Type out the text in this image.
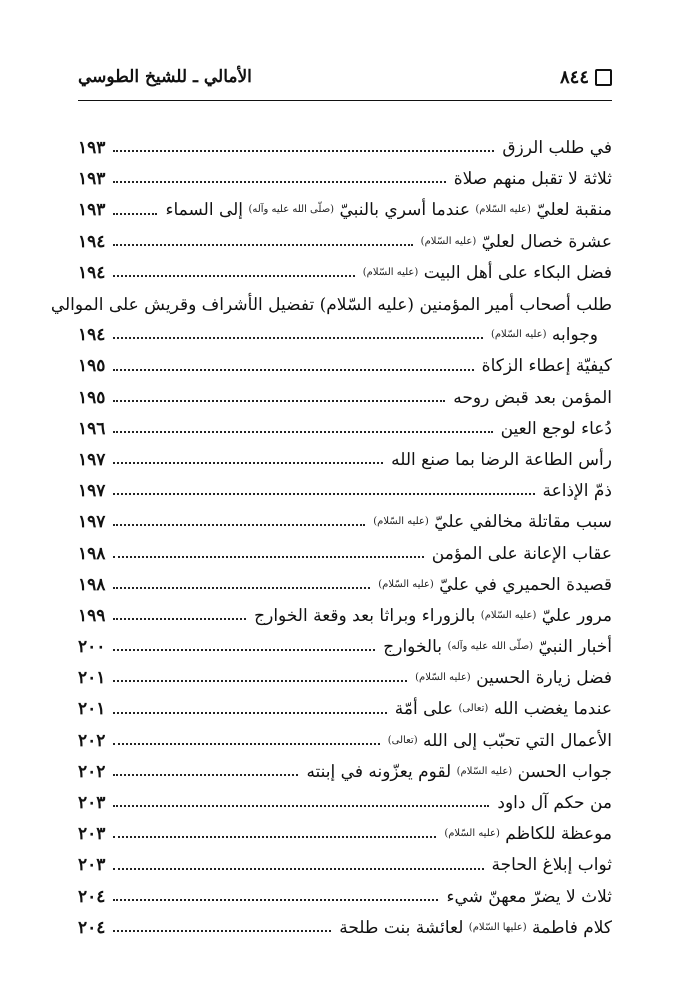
٨٤٤
الأمالي ـ للشيخ الطوسي
في طلب الرزق
١٩٣
ثلاثة لا تقبل منهم صلاة
١٩٣
منقبة لعليّ (عليه السّلام) عندما أسري بالنبيّ (صلّى الله عليه وآله) إلى السماء
١٩٣
عشرة خصال لعليّ (عليه السّلام)
١٩٤
فضل البكاء على أهل البيت (عليه السّلام)
١٩٤
طلب أصحاب أمير المؤمنين (عليه السّلام) تفضيل الأشراف وقريش على الموالي
وجوابه (عليه السّلام)
١٩٤
كيفيّة إعطاء الزكاة
١٩٥
المؤمن بعد قبض روحه
١٩٥
دُعاء لوجع العين
١٩٦
رأس الطاعة الرضا بما صنع الله
١٩٧
ذمّ الإذاعة
١٩٧
سبب مقاتلة مخالفي عليّ (عليه السّلام)
١٩٧
عقاب الإعانة على المؤمن
١٩٨
قصيدة الحميري في عليّ (عليه السّلام)
١٩٨
مرور عليّ (عليه السّلام) بالزوراء وبراثا بعد وقعة الخوارج
١٩٩
أخبار النبيّ (صلّى الله عليه وآله) بالخوارج
٢٠٠
فضل زيارة الحسين (عليه السّلام)
٢٠١
عندما يغضب الله (تعالى) على أمّة
٢٠١
الأعمال التي تحبّب إلى الله (تعالى)
٢٠٢
جواب الحسن (عليه السّلام) لقوم يعزّونه في إبنته
٢٠٢
من حكم آل داود
٢٠٣
موعظة للكاظم (عليه السّلام)
٢٠٣
ثواب إبلاغ الحاجة
٢٠٣
ثلاث لا يضرّ معهنّ شيء
٢٠٤
كلام فاطمة (عليها السّلام) لعائشة بنت طلحة
٢٠٤
